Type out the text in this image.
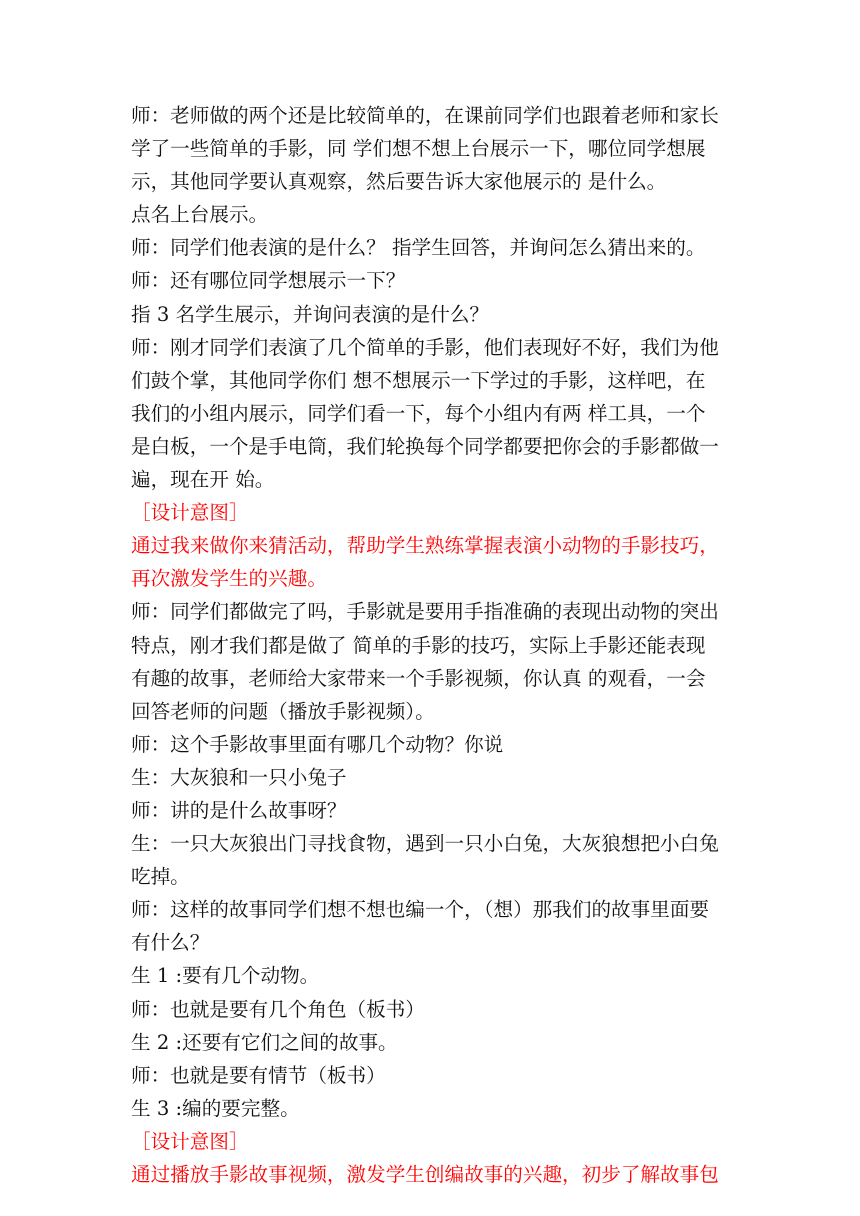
师：老师做的两个还是比较简单的，在课前同学们也跟着老师和家长
学了一些简单的手影，同 学们想不想上台展示一下，哪位同学想展
示，其他同学要认真观察，然后要告诉大家他展示的 是什么。
点名上台展示。
师：同学们他表演的是什么？ 指学生回答，并询问怎么猜出来的。
师：还有哪位同学想展示一下？
指 3 名学生展示，并询问表演的是什么？
师：刚才同学们表演了几个简单的手影，他们表现好不好，我们为他
们鼓个掌，其他同学你们 想不想展示一下学过的手影，这样吧，在
我们的小组内展示，同学们看一下，每个小组内有两 样工具，一个
是白板，一个是手电筒，我们轮换每个同学都要把你会的手影都做一
遍，现在开 始。
［设计意图］
通过我来做你来猜活动，帮助学生熟练掌握表演小动物的手影技巧，
再次激发学生的兴趣。
师：同学们都做完了吗，手影就是要用手指准确的表现出动物的突出
特点，刚才我们都是做了 简单的手影的技巧，实际上手影还能表现
有趣的故事，老师给大家带来一个手影视频，你认真 的观看，一会
回答老师的问题（播放手影视频）。
师：这个手影故事里面有哪几个动物？你说
生：大灰狼和一只小兔子
师：讲的是什么故事呀？
生：一只大灰狼出门寻找食物，遇到一只小白兔，大灰狼想把小白兔
吃掉。
师：这样的故事同学们想不想也编一个，（想）那我们的故事里面要
有什么？
生 1 :要有几个动物。
师：也就是要有几个角色（板书）
生 2 :还要有它们之间的故事。
师：也就是要有情节（板书）
生 3 :编的要完整。
［设计意图］
通过播放手影故事视频，激发学生创编故事的兴趣，初步了解故事包
